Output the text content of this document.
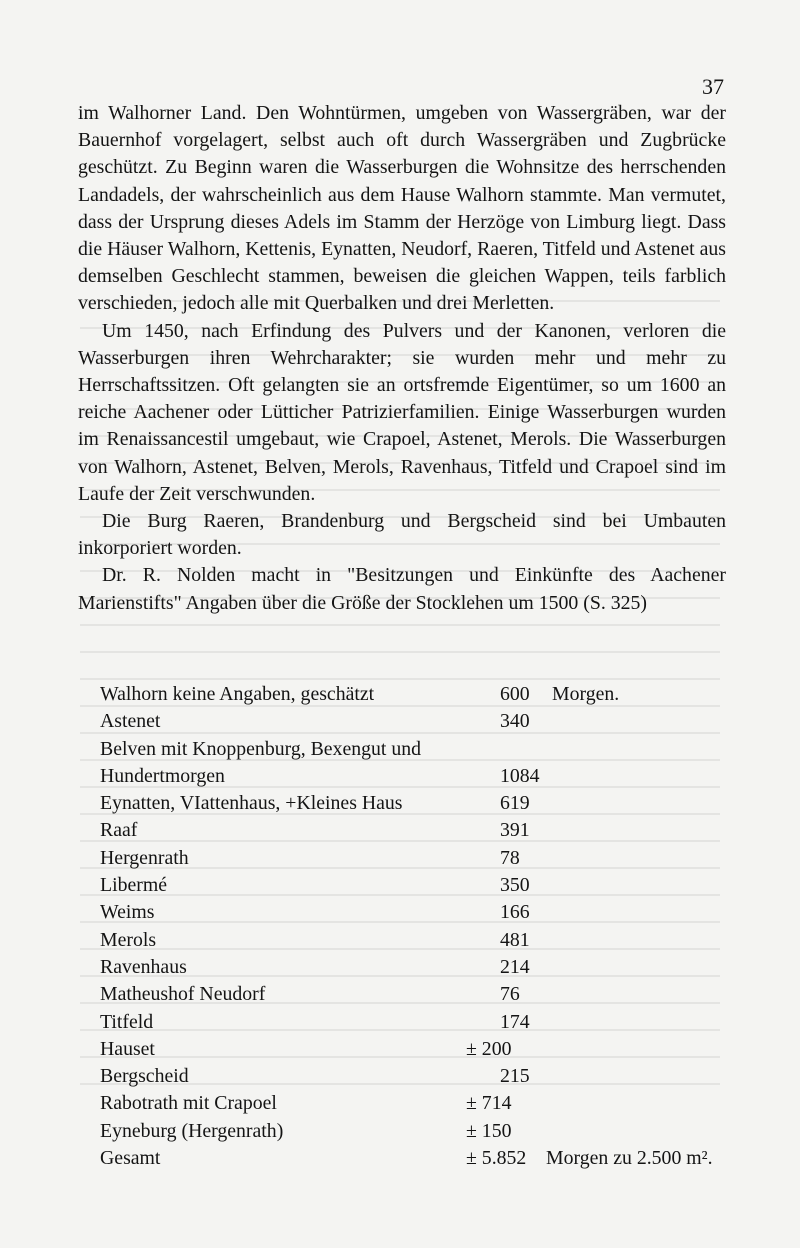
37

im Walhorner Land. Den Wohntürmen, umgeben von Wassergräben, war der Bauernhof vorgelagert, selbst auch oft durch Wassergräben und Zugbrücke geschützt. Zu Beginn waren die Wasserburgen die Wohnsitze des herrschenden Landadels, der wahrscheinlich aus dem Hause Walhorn stammte. Man vermutet, dass der Ursprung dieses Adels im Stamm der Herzöge von Limburg liegt. Dass die Häuser Walhorn, Kettenis, Eynatten, Neudorf, Raeren, Titfeld und Astenet aus demselben Geschlecht stammen, beweisen die gleichen Wappen, teils farblich verschieden, jedoch alle mit Querbalken und drei Merletten.

Um 1450, nach Erfindung des Pulvers und der Kanonen, verloren die Wasserburgen ihren Wehrcharakter; sie wurden mehr und mehr zu Herrschaftssitzen. Oft gelangten sie an ortsfremde Eigentümer, so um 1600 an reiche Aachener oder Lütticher Patrizierfamilien. Einige Wasserburgen wurden im Renaissancestil umgebaut, wie Crapoel, Astenet, Merols. Die Wasserburgen von Walhorn, Astenet, Belven, Merols, Ravenhaus, Titfeld und Crapoel sind im Laufe der Zeit verschwunden.

Die Burg Raeren, Brandenburg und Bergscheid sind bei Umbauten inkorporiert worden.

Dr. R. Nolden macht in "Besitzungen und Einkünfte des Aachener Marienstifts" Angaben über die Größe der Stocklehen um 1500 (S. 325)

Walhorn keine Angaben, geschätzt	600 Morgen.
Astenet	340
Belven mit Knoppenburg, Bexengut und
Hundertmorgen	1084
Eynatten, VIattenhaus, +Kleines Haus	619
Raaf	391
Hergenrath	78
Libermé	350
Weims	166
Merols	481
Ravenhaus	214
Matheushof Neudorf	76
Titfeld	174
Hauset	± 200
Bergscheid	215
Rabotrath mit Crapoel	± 714
Eyneburg (Hergenrath)	± 150
Gesamt	± 5.852 Morgen zu 2.500 m².
